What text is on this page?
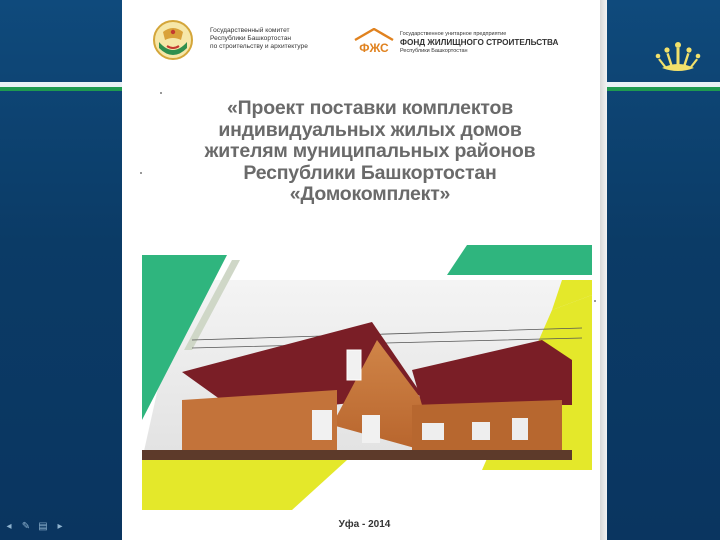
◂ ✎ ▤ ▸
Государственный комитет
Республики Башкортостан
по строительству и архитектуре	ФЖС
Государственное унитарное предприятие
ФОНД ЖИЛИЩНОГО СТРОИТЕЛЬСТВА
Республики Башкортостан
«Проект поставки комплектов
индивидуальных жилых домов
жителям муниципальных районов
Республики Башкортостан
«Домокомплект»
Уфа - 2014
